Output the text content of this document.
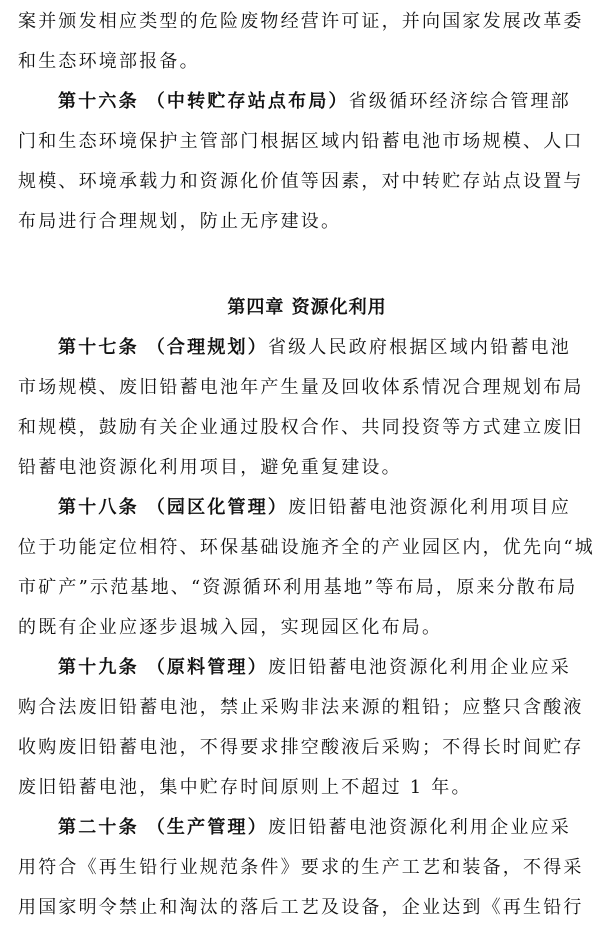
案并颁发相应类型的危险废物经营许可证，并向国家发展改革委
和生态环境部报备。
第十六条 （中转贮存站点布局）省级循环经济综合管理部
门和生态环境保护主管部门根据区域内铅蓄电池市场规模、人口
规模、环境承载力和资源化价值等因素，对中转贮存站点设置与
布局进行合理规划，防止无序建设。
第四章 资源化利用
第十七条 （合理规划）省级人民政府根据区域内铅蓄电池
市场规模、废旧铅蓄电池年产生量及回收体系情况合理规划布局
和规模，鼓励有关企业通过股权合作、共同投资等方式建立废旧
铅蓄电池资源化利用项目，避免重复建设。
第十八条 （园区化管理）废旧铅蓄电池资源化利用项目应
位于功能定位相符、环保基础设施齐全的产业园区内，优先向“城
市矿产”示范基地、“资源循环利用基地”等布局，原来分散布局
的既有企业应逐步退城入园，实现园区化布局。
第十九条 （原料管理）废旧铅蓄电池资源化利用企业应采
购合法废旧铅蓄电池，禁止采购非法来源的粗铅；应整只含酸液
收购废旧铅蓄电池，不得要求排空酸液后采购；不得长时间贮存
废旧铅蓄电池，集中贮存时间原则上不超过 1 年。
第二十条 （生产管理）废旧铅蓄电池资源化利用企业应采
用符合《再生铅行业规范条件》要求的生产工艺和装备，不得采
用国家明令禁止和淘汰的落后工艺及设备，企业达到《再生铅行
